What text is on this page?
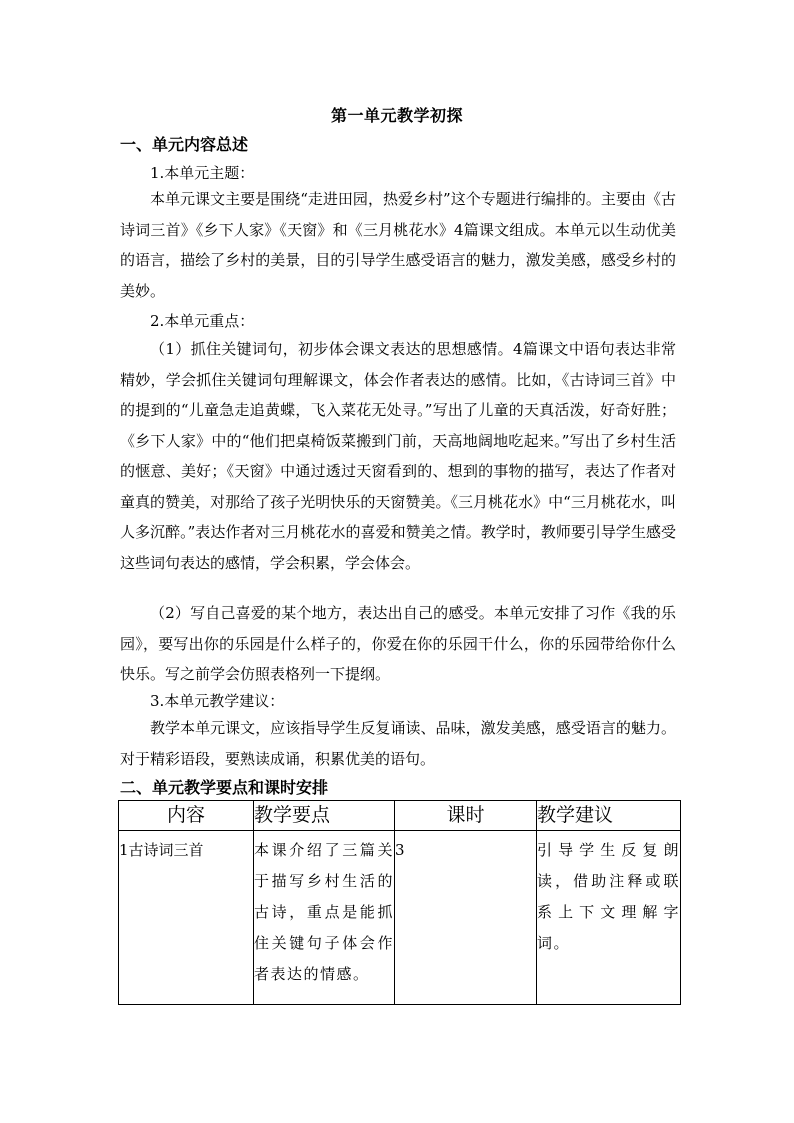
第一单元教学初探
一、单元内容总述
1.本单元主题：

本单元课文主要是围绕“走进田园，热爱乡村”这个专题进行编排的。主要由《古诗词三首》《乡下人家》《天窗》和《三月桃花水》4篇课文组成。本单元以生动优美的语言，描绘了乡村的美景，目的引导学生感受语言的魅力，激发美感，感受乡村的美妙。

2.本单元重点：

（1）抓住关键词句，初步体会课文表达的思想感情。4篇课文中语句表达非常精妙，学会抓住关键词句理解课文，体会作者表达的感情。比如，《古诗词三首》中的提到的“儿童急走追黄蝶，飞入菜花无处寻。”写出了儿童的天真活泼，好奇好胜；《乡下人家》中的“他们把桌椅饭菜搬到门前，天高地阔地吃起来。”写出了乡村生活的惬意、美好；《天窗》中通过透过天窗看到的、想到的事物的描写，表达了作者对童真的赞美，对那给了孩子光明快乐的天窗赞美。《三月桃花水》中“三月桃花水，叫人多沉醉。”表达作者对三月桃花水的喜爱和赞美之情。教学时，教师要引导学生感受这些词句表达的感情，学会积累，学会体会。

（2）写自己喜爱的某个地方，表达出自己的感受。本单元安排了习作《我的乐园》，要写出你的乐园是什么样子的，你爱在你的乐园干什么，你的乐园带给你什么快乐。写之前学会仿照表格列一下提纲。

3.本单元教学建议：

教学本单元课文，应该指导学生反复诵读、品味，激发美感，感受语言的魅力。对于精彩语段，要熟读成诵，积累优美的语句。

二、单元教学要点和课时安排
内容	教学要点	课时	教学建议
1古诗词三首	本课介绍了三篇关于描写乡村生活的古诗，重点是能抓住关键句子体会作者表达的情感。	3	引导学生反复朗读，借助注释或联系上下文理解字词。
